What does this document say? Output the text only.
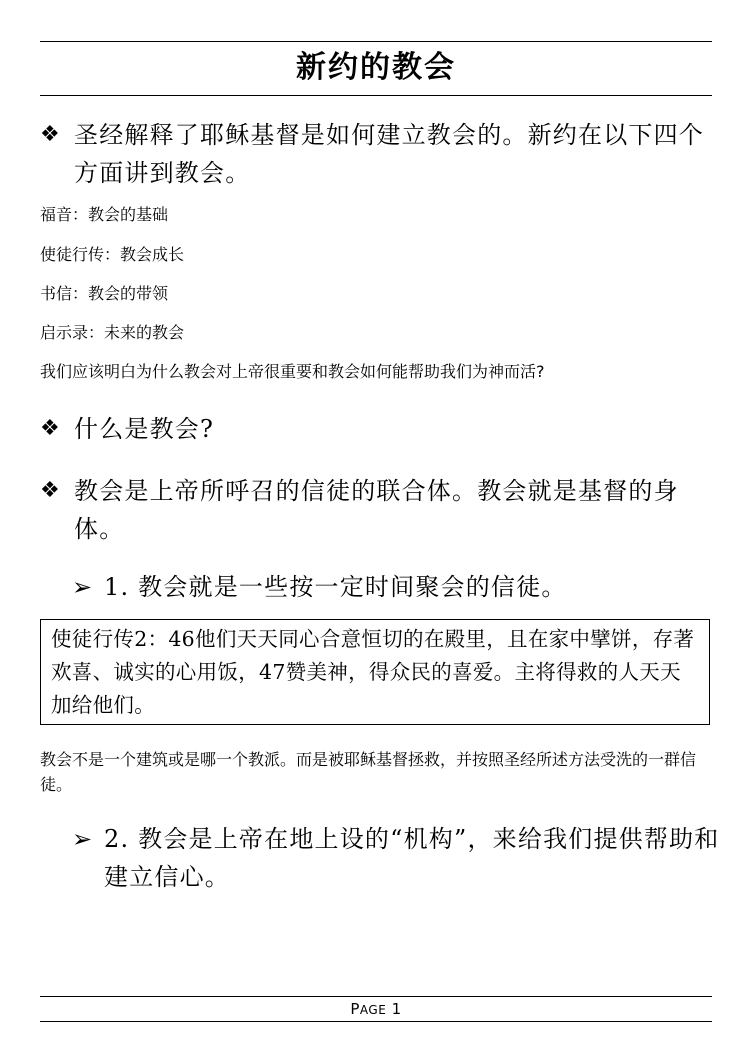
新约的教会
❖ 圣经解释了耶稣基督是如何建立教会的。新约在以下四个方面讲到教会。
福音：教会的基础
使徒行传：教会成长
书信：教会的带领
启示录：未来的教会
我们应该明白为什么教会对上帝很重要和教会如何能帮助我们为神而活?
❖ 什么是教会?
❖ 教会是上帝所呼召的信徒的联合体。教会就是基督的身体。
➢ 1. 教会就是一些按一定时间聚会的信徒。
使徒行传2：46他们天天同心合意恒切的在殿里，且在家中擘饼，存著欢喜、诚实的心用饭，47赞美神，得众民的喜爱。主将得救的人天天加给他们。
教会不是一个建筑或是哪一个教派。而是被耶稣基督拯救，并按照圣经所述方法受洗的一群信徒。
➢ 2. 教会是上帝在地上设的“机构”，来给我们提供帮助和建立信心。
PAGE 1
